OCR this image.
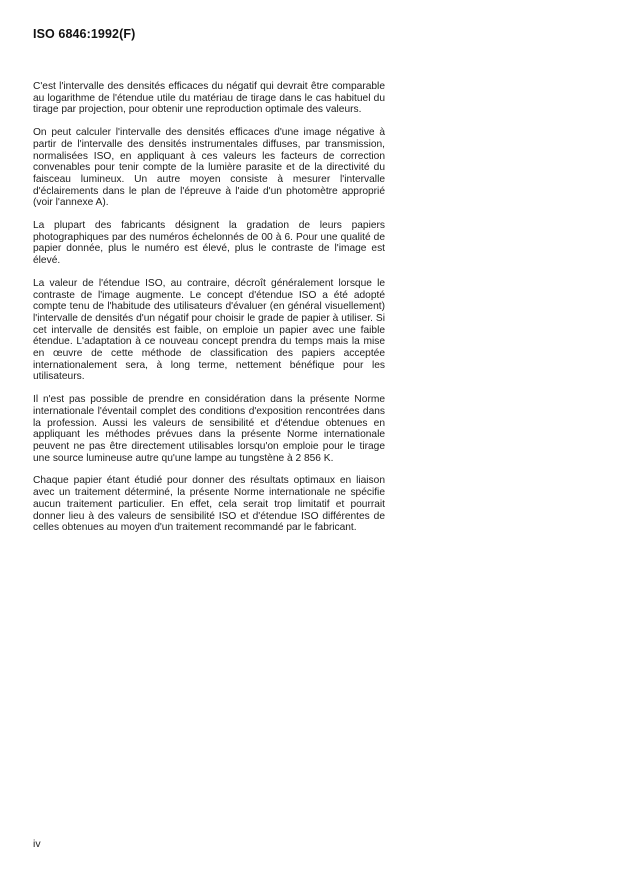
ISO 6846:1992(F)

C'est l'intervalle des densités efficaces du négatif qui devrait être comparable au logarithme de l'étendue utile du matériau de tirage dans le cas habituel du tirage par projection, pour obtenir une reproduction optimale des valeurs.

On peut calculer l'intervalle des densités efficaces d'une image négative à partir de l'intervalle des densités instrumentales diffuses, par transmission, normalisées ISO, en appliquant à ces valeurs les facteurs de correction convenables pour tenir compte de la lumière parasite et de la directivité du faisceau lumineux. Un autre moyen consiste à mesurer l'intervalle d'éclairements dans le plan de l'épreuve à l'aide d'un photomètre approprié (voir l'annexe A).

La plupart des fabricants désignent la gradation de leurs papiers photographiques par des numéros échelonnés de 00 à 6. Pour une qualité de papier donnée, plus le numéro est élevé, plus le contraste de l'image est élevé.

La valeur de l'étendue ISO, au contraire, décroît généralement lorsque le contraste de l'image augmente. Le concept d'étendue ISO a été adopté compte tenu de l'habitude des utilisateurs d'évaluer (en général visuellement) l'intervalle de densités d'un négatif pour choisir le grade de papier à utiliser. Si cet intervalle de densités est faible, on emploie un papier avec une faible étendue. L'adaptation à ce nouveau concept prendra du temps mais la mise en œuvre de cette méthode de classification des papiers acceptée internationalement sera, à long terme, nettement bénéfique pour les utilisateurs.

Il n'est pas possible de prendre en considération dans la présente Norme internationale l'éventail complet des conditions d'exposition rencontrées dans la profession. Aussi les valeurs de sensibilité et d'étendue obtenues en appliquant les méthodes prévues dans la présente Norme internationale peuvent ne pas être directement utilisables lorsqu'on emploie pour le tirage une source lumineuse autre qu'une lampe au tungstène à 2 856 K.

Chaque papier étant étudié pour donner des résultats optimaux en liaison avec un traitement déterminé, la présente Norme internationale ne spécifie aucun traitement particulier. En effet, cela serait trop limitatif et pourrait donner lieu à des valeurs de sensibilité ISO et d'étendue ISO différentes de celles obtenues au moyen d'un traitement recommandé par le fabricant.

iv
